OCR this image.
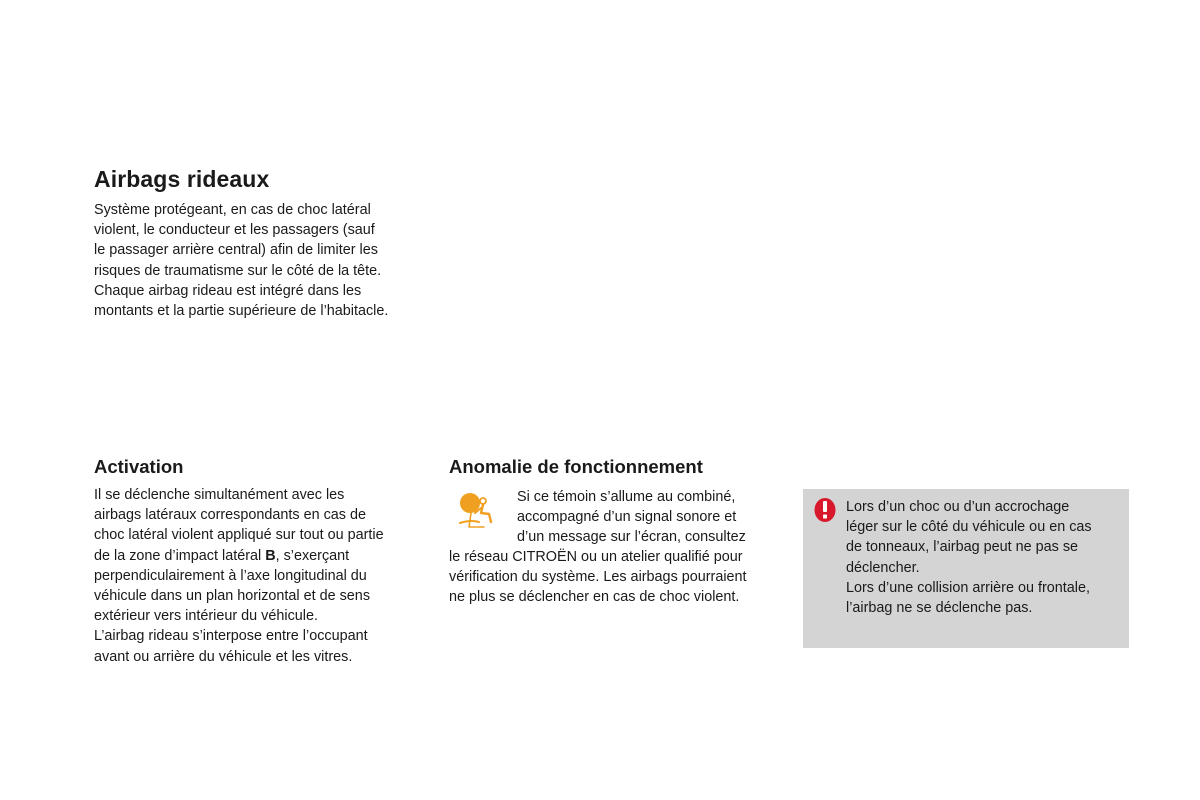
Airbags rideaux

Système protégeant, en cas de choc latéral
violent, le conducteur et les passagers (sauf
le passager arrière central) afin de limiter les
risques de traumatisme sur le côté de la tête.
Chaque airbag rideau est intégré dans les
montants et la partie supérieure de l’habitacle.

Activation

Il se déclenche simultanément avec les
airbags latéraux correspondants en cas de
choc latéral violent appliqué sur tout ou partie
de la zone d’impact latéral B, s’exerçant
perpendiculairement à l’axe longitudinal du
véhicule dans un plan horizontal et de sens
extérieur vers intérieur du véhicule.
L’airbag rideau s’interpose entre l’occupant
avant ou arrière du véhicule et les vitres.

Anomalie de fonctionnement

Si ce témoin s’allume au combiné,
accompagné d’un signal sonore et
d’un message sur l’écran, consultez

le réseau CITROËN ou un atelier qualifié pour
vérification du système. Les airbags pourraient
ne plus se déclencher en cas de choc violent.

Lors d’un choc ou d’un accrochage
léger sur le côté du véhicule ou en cas
de tonneaux, l’airbag peut ne pas se
déclencher.
Lors d’une collision arrière ou frontale,
l’airbag ne se déclenche pas.
